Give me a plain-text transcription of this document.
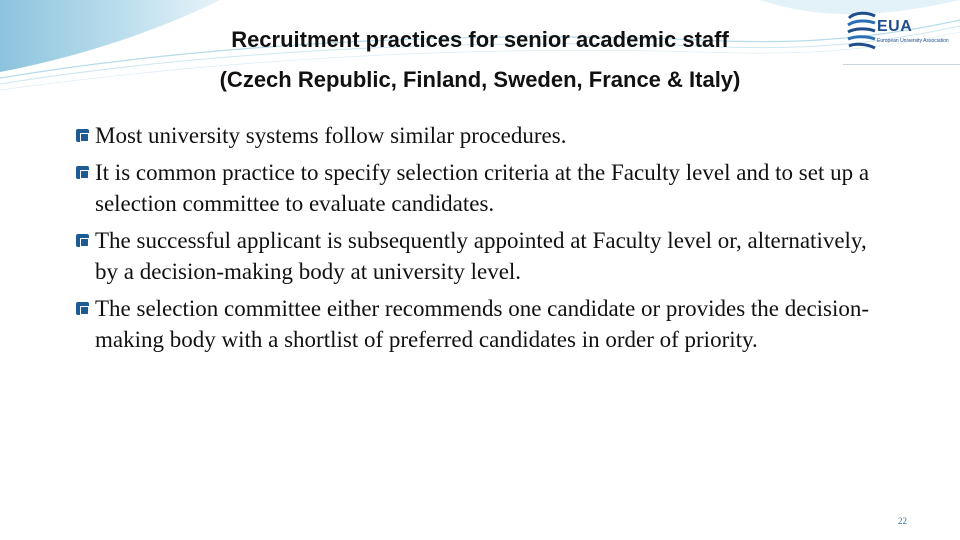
Recruitment practices for senior academic staff
(Czech Republic, Finland, Sweden, France & Italy)
EUA
European University Association
Most university systems follow similar procedures.
It is common practice to specify selection criteria at the Faculty level and to set up a selection committee to evaluate candidates.
The successful applicant is subsequently appointed at Faculty level or, alternatively, by a decision-making body at university level.
The selection committee either recommends one candidate or provides the decision-making body with a shortlist of preferred candidates in order of priority.
22
